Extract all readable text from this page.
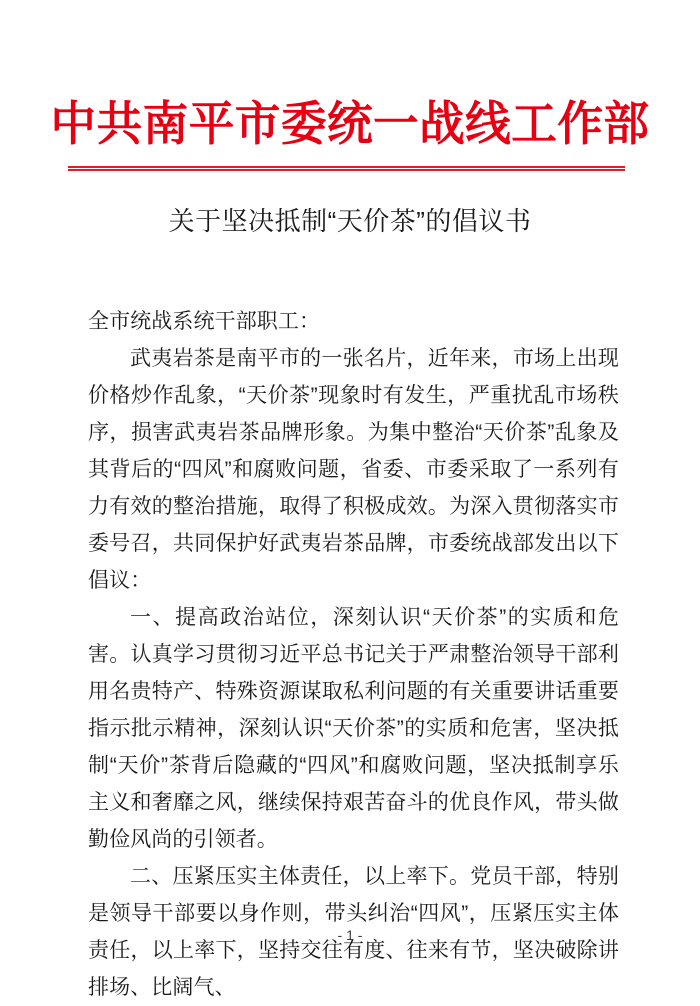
中共南平市委统一战线工作部
关于坚决抵制“天价茶”的倡议书

全市统战系统干部职工：

武夷岩茶是南平市的一张名片，近年来，市场上出现价格炒作乱象，“天价茶”现象时有发生，严重扰乱市场秩序，损害武夷岩茶品牌形象。为集中整治“天价茶”乱象及其背后的“四风”和腐败问题，省委、市委采取了一系列有力有效的整治措施，取得了积极成效。为深入贯彻落实市委号召，共同保护好武夷岩茶品牌，市委统战部发出以下倡议：

一、提高政治站位，深刻认识“天价茶”的实质和危害。认真学习贯彻习近平总书记关于严肃整治领导干部利用名贵特产、特殊资源谋取私利问题的有关重要讲话重要指示批示精神，深刻认识“天价茶”的实质和危害，坚决抵制“天价”茶背后隐藏的“四风”和腐败问题，坚决抵制享乐主义和奢靡之风，继续保持艰苦奋斗的优良作风，带头做勤俭风尚的引领者。

二、压紧压实主体责任，以上率下。党员干部，特别是领导干部要以身作则，带头纠治“四风”，压紧压实主体责任，以上率下，坚持交往有度、往来有节，坚决破除讲排场、比阔气、

- 1 -
